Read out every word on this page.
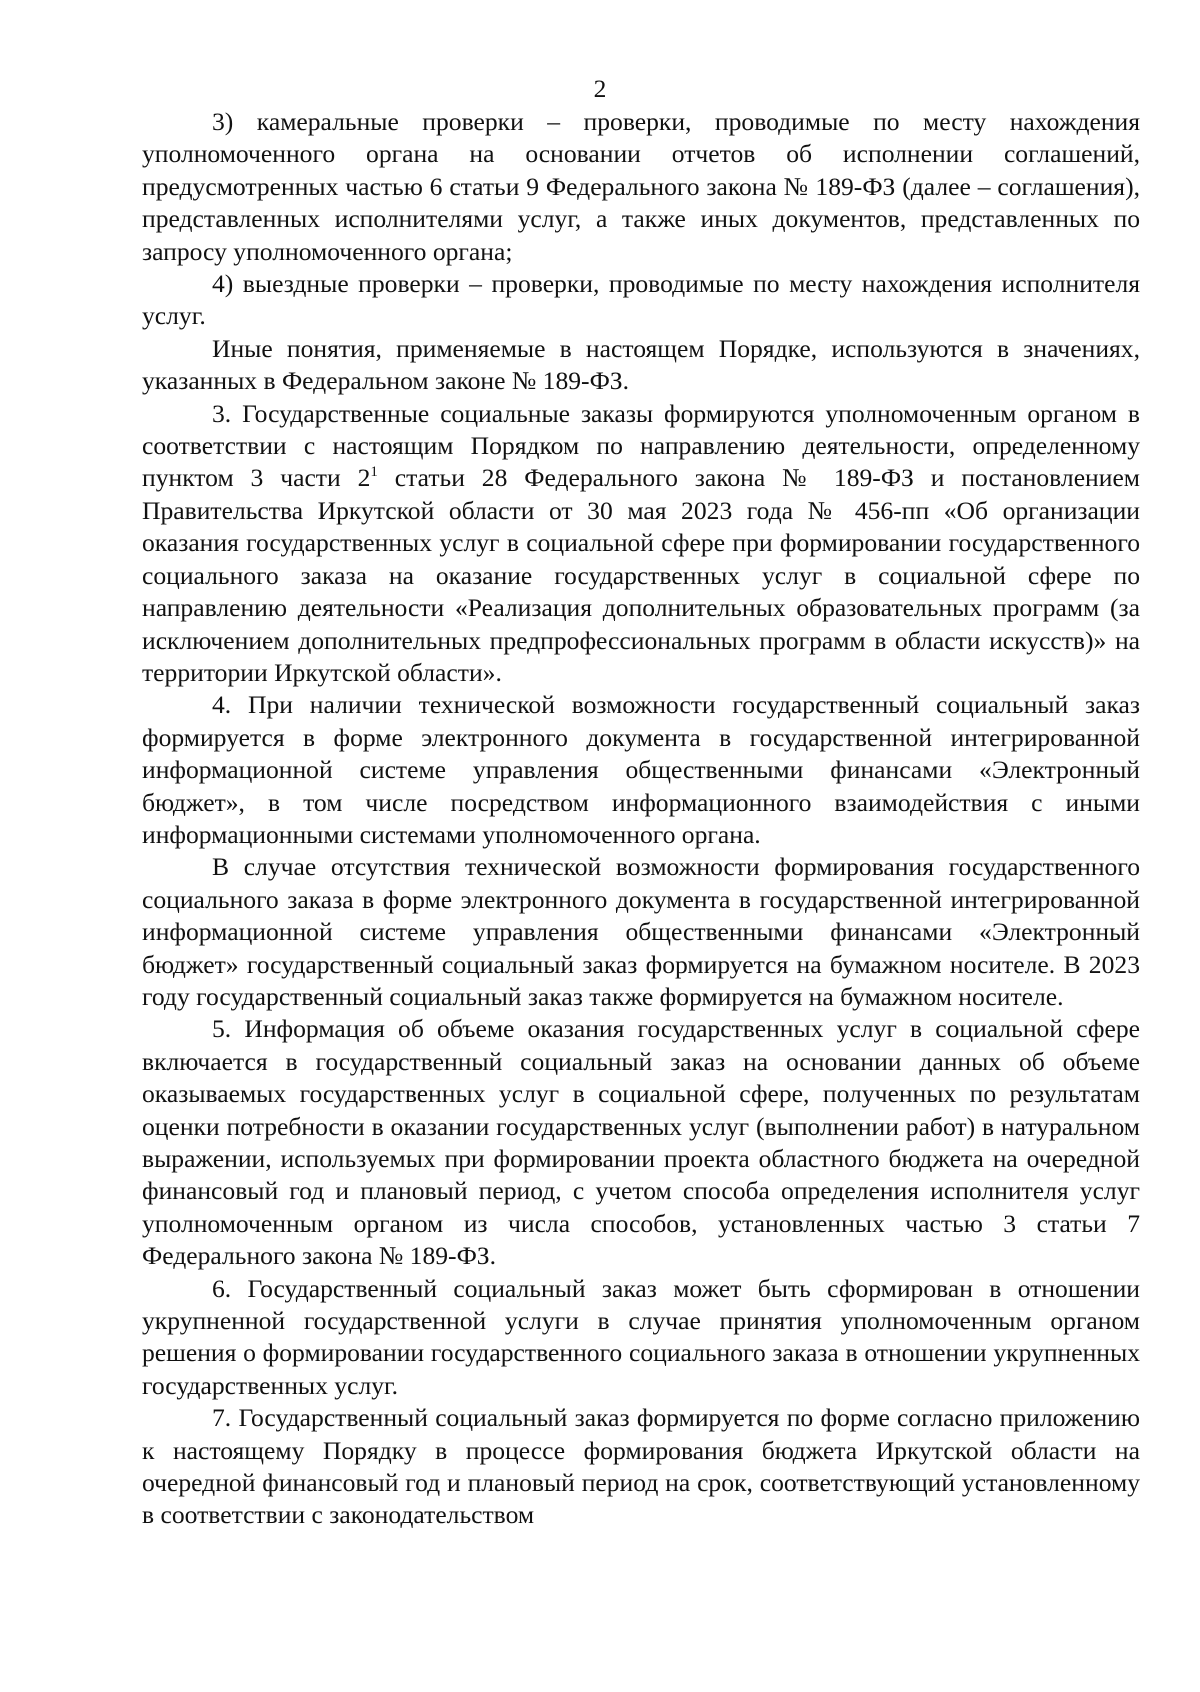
2

3) камеральные проверки – проверки, проводимые по месту нахождения уполномоченного органа на основании отчетов об исполнении соглашений, предусмотренных частью 6 статьи 9 Федерального закона № 189-ФЗ (далее – соглашения), представленных исполнителями услуг, а также иных документов, представленных по запросу уполномоченного органа;

4) выездные проверки – проверки, проводимые по месту нахождения исполнителя услуг.

Иные понятия, применяемые в настоящем Порядке, используются в значениях, указанных в Федеральном законе № 189-ФЗ.

3. Государственные социальные заказы формируются уполномоченным органом в соответствии с настоящим Порядком по направлению деятельности, определенному пунктом 3 части $2^1$ статьи 28 Федерального закона № 189-ФЗ и постановлением Правительства Иркутской области от 30 мая 2023 года № 456-пп «Об организации оказания государственных услуг в социальной сфере при формировании государственного социального заказа на оказание государственных услуг в социальной сфере по направлению деятельности «Реализация дополнительных образовательных программ (за исключением дополнительных предпрофессиональных программ в области искусств)» на территории Иркутской области».

4. При наличии технической возможности государственный социальный заказ формируется в форме электронного документа в государственной интегрированной информационной системе управления общественными финансами «Электронный бюджет», в том числе посредством информационного взаимодействия с иными информационными системами уполномоченного органа.

В случае отсутствия технической возможности формирования государственного социального заказа в форме электронного документа в государственной интегрированной информационной системе управления общественными финансами «Электронный бюджет» государственный социальный заказ формируется на бумажном носителе. В 2023 году государственный социальный заказ также формируется на бумажном носителе.

5. Информация об объеме оказания государственных услуг в социальной сфере включается в государственный социальный заказ на основании данных об объеме оказываемых государственных услуг в социальной сфере, полученных по результатам оценки потребности в оказании государственных услуг (выполнении работ) в натуральном выражении, используемых при формировании проекта областного бюджета на очередной финансовый год и плановый период, с учетом способа определения исполнителя услуг уполномоченным органом из числа способов, установленных частью 3 статьи 7 Федерального закона № 189-ФЗ.

6. Государственный социальный заказ может быть сформирован в отношении укрупненной государственной услуги в случае принятия уполномоченным органом решения о формировании государственного социального заказа в отношении укрупненных государственных услуг.

7. Государственный социальный заказ формируется по форме согласно приложению к настоящему Порядку в процессе формирования бюджета Иркутской области на очередной финансовый год и плановый период на срок, соответствующий установленному в соответствии с законодательством
